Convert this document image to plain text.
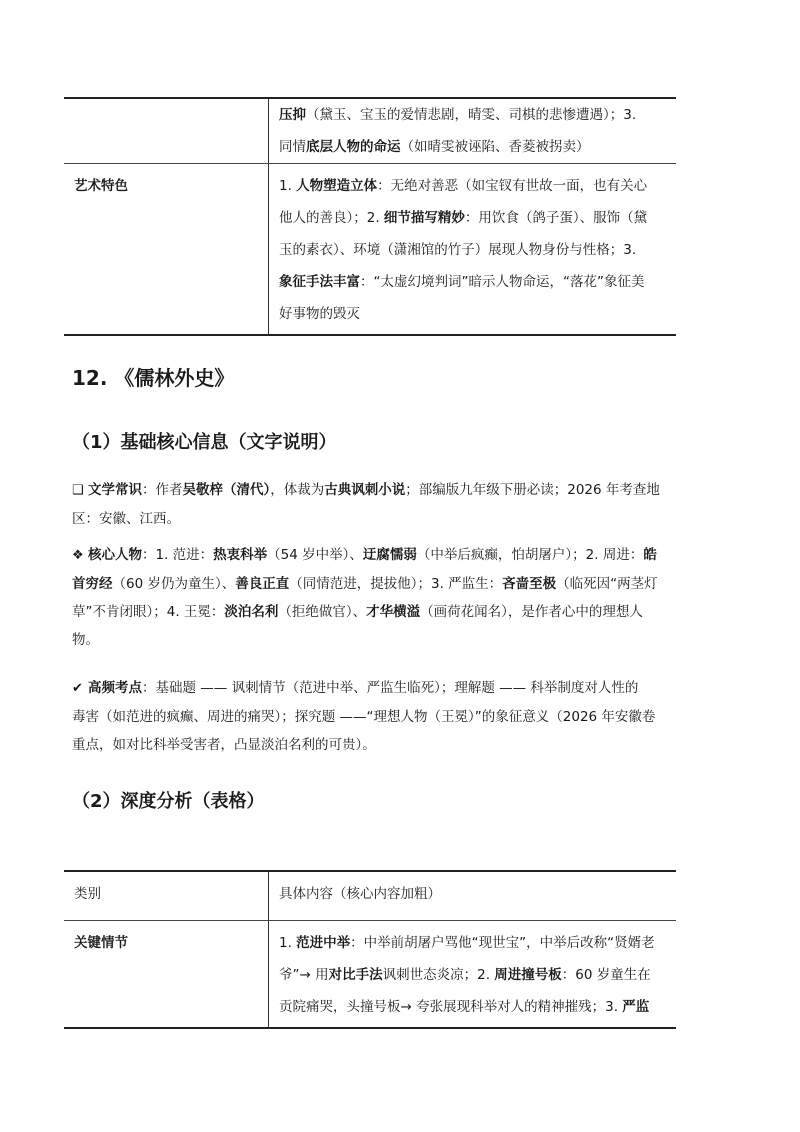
	压抑（黛玉、宝玉的爱情悲剧，晴雯、司棋的悲惨遭遇）；3.
同情底层人物的命运（如晴雯被诬陷、香菱被拐卖）
艺术特色	1. 人物塑造立体：无绝对善恶（如宝钗有世故一面，也有关心
他人的善良）；2. 细节描写精妙：用饮食（鸽子蛋）、服饰（黛
玉的素衣）、环境（潇湘馆的竹子）展现人物身份与性格；3.
象征手法丰富：“太虚幻境判词”暗示人物命运，“落花”象征美
好事物的毁灭
12. 《儒林外史》
（1）基础核心信息（文字说明）

❑ 文学常识：作者吴敬梓（清代），体裁为古典讽刺小说；部编版九年级下册必读；2026 年考查地
区：安徽、江西。

❖ 核心人物：1. 范进：热衷科举（54 岁中举）、迂腐懦弱（中举后疯癫，怕胡屠户）；2. 周进：皓
首穷经（60 岁仍为童生）、善良正直（同情范进，提拔他）；3. 严监生：吝啬至极（临死因“两茎灯
草”不肯闭眼）；4. 王冕：淡泊名利（拒绝做官）、才华横溢（画荷花闻名），是作者心中的理想人
物。

✔ 高频考点：基础题 —— 讽刺情节（范进中举、严监生临死）；理解题 —— 科举制度对人性的
毒害（如范进的疯癫、周进的痛哭）；探究题 ——“理想人物（王冕）”的象征意义（2026 年安徽卷
重点，如对比科举受害者，凸显淡泊名利的可贵）。

（2）深度分析（表格）
类别	具体内容（核心内容加粗）
关键情节	1. 范进中举：中举前胡屠户骂他“现世宝”，中举后改称“贤婿老
爷”→ 用对比手法讽刺世态炎凉；2. 周进撞号板：60 岁童生在
贡院痛哭，头撞号板→ 夸张展现科举对人的精神摧残；3. 严监
